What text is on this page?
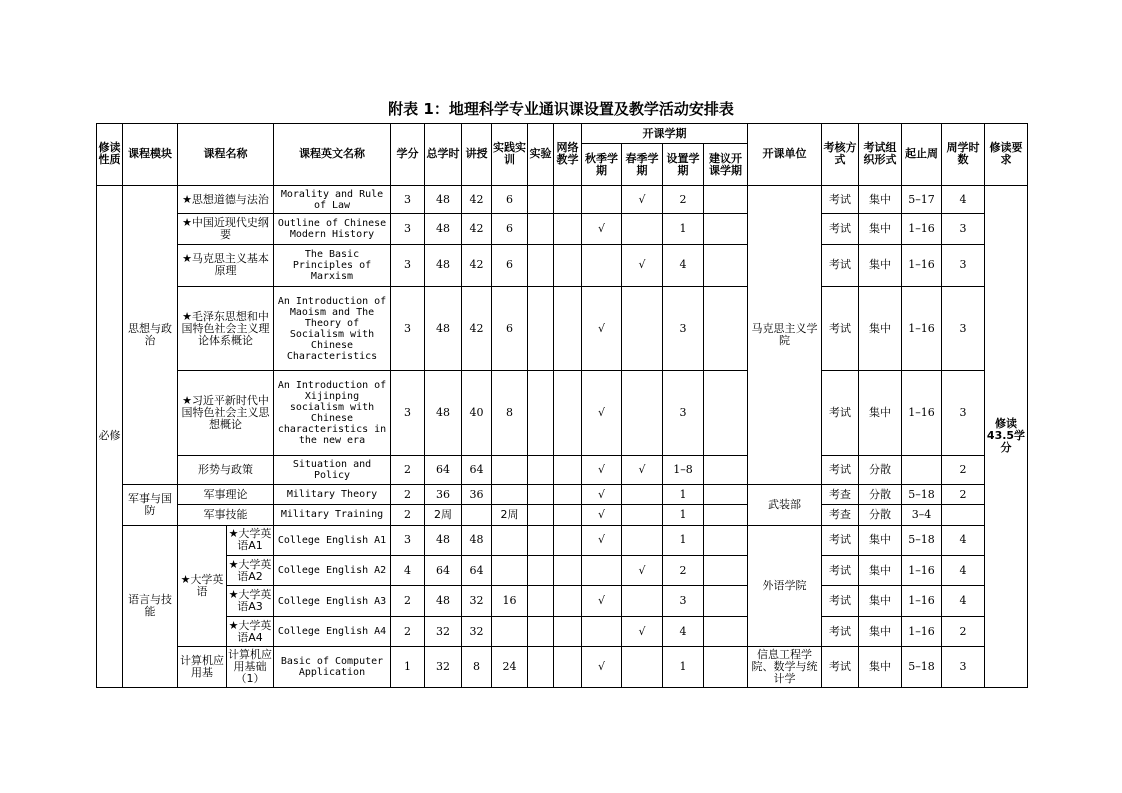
附表 1：地理科学专业通识课设置及教学活动安排表
修读性质	课程模块	课程名称		课程英文名称	学分	总学时	讲授	实践实训	实验	网络教学	开课学期				开课单位	考核方式	考试组织形式	起止周	周学时数	修读要求
											秋季学期	春季学期	设置学期	建议开课学期						
必修	思想与政治	★思想道德与法治		Morality and Rule of Law	3	48	42	6				√	2		马克思主义学院	考试	集中	5–17	4	修读43.5学分
		★中国近现代史纲要		Outline of Chinese Modern History	3	48	42	6			√		1			考试	集中	1–16	3	
		★马克思主义基本原理		The Basic Principles of Marxism	3	48	42	6				√	4			考试	集中	1–16	3	
		★毛泽东思想和中国特色社会主义理论体系概论		An Introduction of Maoism and The Theory of Socialism with Chinese Characteristics	3	48	42	6			√		3			考试	集中	1–16	3	
		★习近平新时代中国特色社会主义思想概论		An Introduction of Xijinping socialism with Chinese characteristics in the new era	3	48	40	8			√		3			考试	集中	1–16	3	
		形势与政策		Situation and Policy	2	64	64				√	√	1–8			考试	分散		2	
	军事与国防	军事理论		Military Theory	2	36	36				√		1		武装部	考查	分散	5–18	2	
		军事技能		Military Training	2	2周		2周			√		1			考查	分散	3–4		
	语言与技能	★大学英语	★大学英语A1	College English A1	3	48	48				√		1		外语学院	考试	集中	5–18	4	
			★大学英语A2	College English A2	4	64	64					√	2			考试	集中	1–16	4	
			★大学英语A3	College English A3	2	48	32	16			√		3			考试	集中	1–16	4	
			★大学英语A4	College English A4	2	32	32					√	4			考试	集中	1–16	2	
		计算机应用基	计算机应用基础（1）	Basic of Computer Application	1	32	8	24			√		1		信息工程学院、数学与统计学	考试	集中	5–18	3	
